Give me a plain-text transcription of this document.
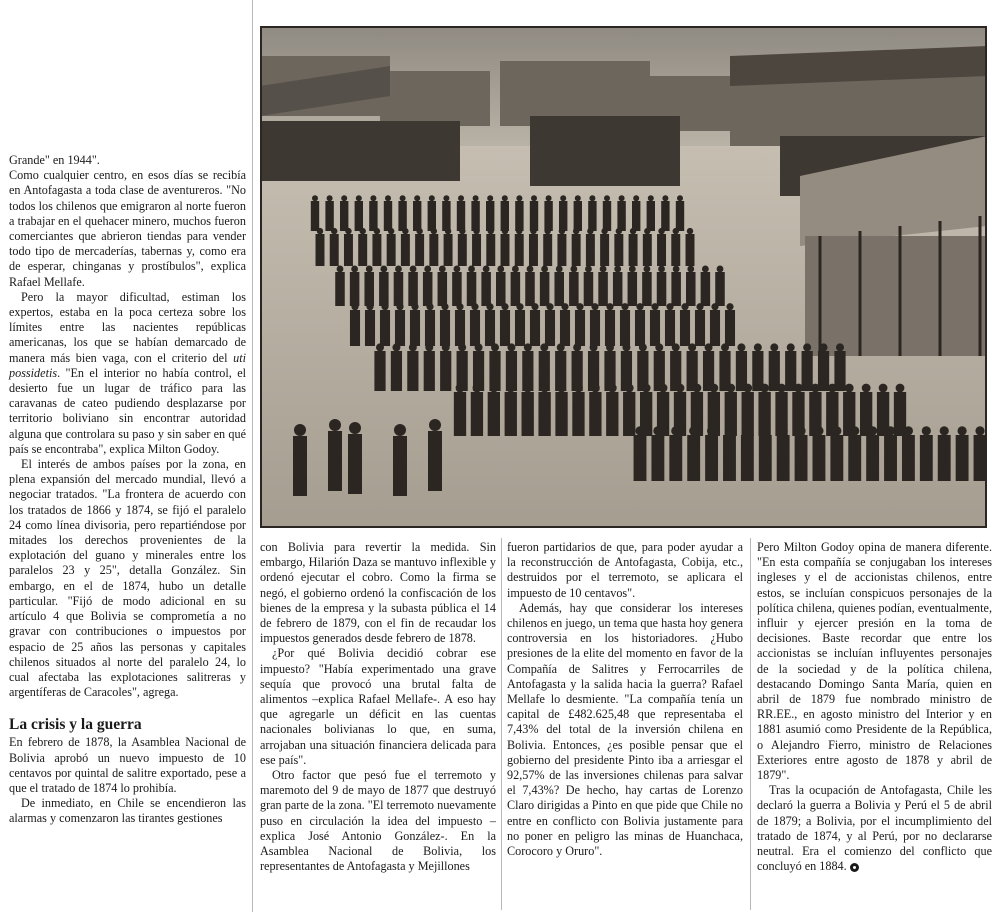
Grande" en 1944".

Como cualquier centro, en esos días se recibía en Antofagasta a toda clase de aventureros. "No todos los chilenos que emigraron al norte fueron a trabajar en el quehacer minero, muchos fueron comerciantes que abrieron tiendas para vender todo tipo de mercaderías, tabernas y, como era de esperar, chinganas y prostíbulos", explica Rafael Mellafe.

Pero la mayor dificultad, estiman los expertos, estaba en la poca certeza sobre los límites entre las nacientes repúblicas americanas, los que se habían demarcado de manera más bien vaga, con el criterio del uti possidetis. "En el interior no había control, el desierto fue un lugar de tráfico para las caravanas de cateo pudiendo desplazarse por territorio boliviano sin encontrar autoridad alguna que controlara su paso y sin saber en qué país se encontraba", explica Milton Godoy.

El interés de ambos países por la zona, en plena expansión del mercado mundial, llevó a negociar tratados. "La frontera de acuerdo con los tratados de 1866 y 1874, se fijó el paralelo 24 como línea divisoria, pero repartiéndose por mitades los derechos provenientes de la explotación del guano y minerales entre los paralelos 23 y 25", detalla González. Sin embargo, en el de 1874, hubo un detalle particular. "Fijó de modo adicional en su artículo 4 que Bolivia se comprometía a no gravar con contribuciones o impuestos por espacio de 25 años las personas y capitales chilenos situados al norte del paralelo 24, lo cual afectaba las explotaciones salitreras y argentíferas de Caracoles", agrega.

La crisis y la guerra

En febrero de 1878, la Asamblea Nacional de Bolivia aprobó un nuevo impuesto de 10 centavos por quintal de salitre exportado, pese a que el tratado de 1874 lo prohibía.

De inmediato, en Chile se encendieron las alarmas y comenzaron las tirantes gestiones

con Bolivia para revertir la medida. Sin embargo, Hilarión Daza se mantuvo inflexible y ordenó ejecutar el cobro. Como la firma se negó, el gobierno ordenó la confiscación de los bienes de la empresa y la subasta pública el 14 de febrero de 1879, con el fin de recaudar los impuestos generados desde febrero de 1878.

¿Por qué Bolivia decidió cobrar ese impuesto? "Había experimentado una grave sequía que provocó una brutal falta de alimentos –explica Rafael Mellafe-. A eso hay que agregarle un déficit en las cuentas nacionales bolivianas lo que, en suma, arrojaban una situación financiera delicada para ese país".

Otro factor que pesó fue el terremoto y maremoto del 9 de mayo de 1877 que destruyó gran parte de la zona. "El terremoto nuevamente puso en circulación la idea del impuesto –explica José Antonio González-. En la Asamblea Nacional de Bolivia, los representantes de Antofagasta y Mejillones

fueron partidarios de que, para poder ayudar a la reconstrucción de Antofagasta, Cobija, etc., destruidos por el terremoto, se aplicara el impuesto de 10 centavos".

Además, hay que considerar los intereses chilenos en juego, un tema que hasta hoy genera controversia en los historiadores. ¿Hubo presiones de la elite del momento en favor de la Compañía de Salitres y Ferrocarriles de Antofagasta y la salida hacia la guerra? Rafael Mellafe lo desmiente. "La compañía tenía un capital de £482.625,48 que representaba el 7,43% del total de la inversión chilena en Bolivia. Entonces, ¿es posible pensar que el gobierno del presidente Pinto iba a arriesgar el 92,57% de las inversiones chilenas para salvar el 7,43%? De hecho, hay cartas de Lorenzo Claro dirigidas a Pinto en que pide que Chile no entre en conflicto con Bolivia justamente para no poner en peligro las minas de Huanchaca, Corocoro y Oruro".

Pero Milton Godoy opina de manera diferente. "En esta compañía se conjugaban los intereses ingleses y el de accionistas chilenos, entre estos, se incluían conspicuos personajes de la política chilena, quienes podían, eventualmente, influir y ejercer presión en la toma de decisiones. Baste recordar que entre los accionistas se incluían influyentes personajes de la sociedad y de la política chilena, destacando Domingo Santa María, quien en abril de 1879 fue nombrado ministro de RR.EE., en agosto ministro del Interior y en 1881 asumió como Presidente de la República, o Alejandro Fierro, ministro de Relaciones Exteriores entre agosto de 1878 y abril de 1879".

Tras la ocupación de Antofagasta, Chile les declaró la guerra a Bolivia y Perú el 5 de abril de 1879; a Bolivia, por el incumplimiento del tratado de 1874, y al Perú, por no declararse neutral. Era el comienzo del conflicto que concluyó en 1884.
